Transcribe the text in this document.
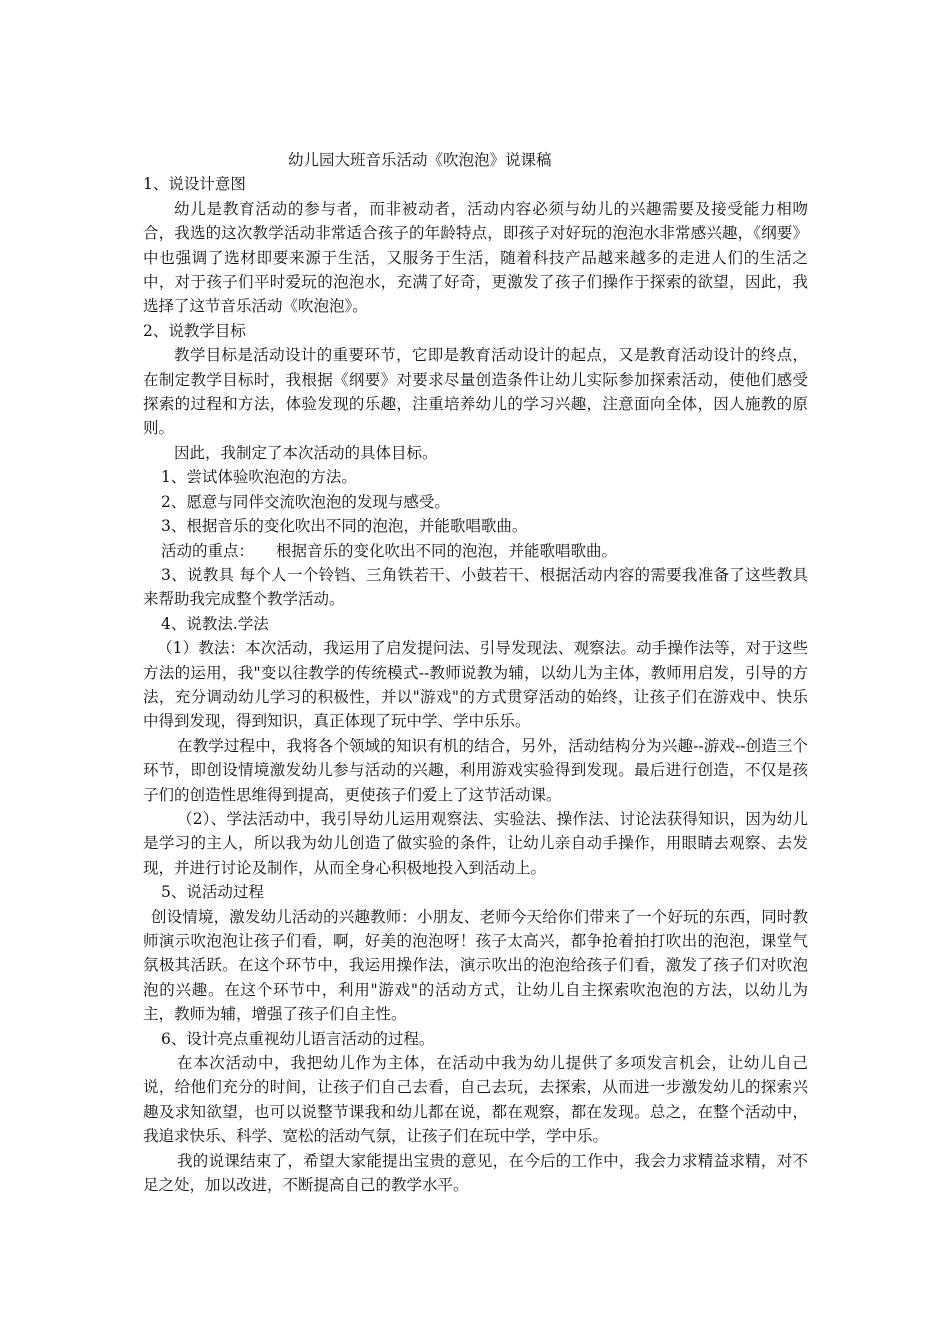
幼儿园大班音乐活动《吹泡泡》说课稿

1、说设计意图

幼儿是教育活动的参与者，而非被动者，活动内容必须与幼儿的兴趣需要及接受能力相吻合，我选的这次教学活动非常适合孩子的年龄特点，即孩子对好玩的泡泡水非常感兴趣，《纲要》中也强调了选材即要来源于生活，又服务于生活，随着科技产品越来越多的走进人们的生活之中，对于孩子们平时爱玩的泡泡水，充满了好奇，更激发了孩子们操作于探索的欲望，因此，我选择了这节音乐活动《吹泡泡》。

2、说教学目标

教学目标是活动设计的重要环节，它即是教育活动设计的起点，又是教育活动设计的终点，在制定教学目标时，我根据《纲要》对要求尽量创造条件让幼儿实际参加探索活动，使他们感受探索的过程和方法，体验发现的乐趣，注重培养幼儿的学习兴趣，注意面向全体，因人施教的原则。

因此，我制定了本次活动的具体目标。

1、尝试体验吹泡泡的方法。

2、愿意与同伴交流吹泡泡的发现与感受。

3、根据音乐的变化吹出不同的泡泡，并能歌唱歌曲。

活动的重点： 根据音乐的变化吹出不同的泡泡，并能歌唱歌曲。

3、说教具 每个人一个铃铛、三角铁若干、小鼓若干、根据活动内容的需要我准备了这些教具来帮助我完成整个教学活动。

4、说教法.学法

（1）教法：本次活动，我运用了启发提问法、引导发现法、观察法。动手操作法等，对于这些方法的运用，我"变以往教学的传统模式--教师说教为辅，以幼儿为主体，教师用启发，引导的方法，充分调动幼儿学习的积极性，并以"游戏"的方式贯穿活动的始终，让孩子们在游戏中、快乐中得到发现，得到知识，真正体现了玩中学、学中乐乐。

在教学过程中，我将各个领域的知识有机的结合，另外，活动结构分为兴趣--游戏--创造三个环节，即创设情境激发幼儿参与活动的兴趣，利用游戏实验得到发现。最后进行创造，不仅是孩子们的创造性思维得到提高，更使孩子们爱上了这节活动课。

（2）、学法活动中，我引导幼儿运用观察法、实验法、操作法、讨论法获得知识，因为幼儿是学习的主人，所以我为幼儿创造了做实验的条件，让幼儿亲自动手操作，用眼睛去观察、去发现，并进行讨论及制作，从而全身心积极地投入到活动上。

5、说活动过程

创设情境，激发幼儿活动的兴趣教师：小朋友、老师今天给你们带来了一个好玩的东西，同时教师演示吹泡泡让孩子们看，啊，好美的泡泡呀！孩子太高兴，都争抢着拍打吹出的泡泡，课堂气氛极其活跃。在这个环节中，我运用操作法，演示吹出的泡泡给孩子们看，激发了孩子们对吹泡泡的兴趣。在这个环节中，利用"游戏"的活动方式，让幼儿自主探索吹泡泡的方法，以幼儿为主，教师为辅，增强了孩子们自主性。

6、设计亮点重视幼儿语言活动的过程。

在本次活动中，我把幼儿作为主体，在活动中我为幼儿提供了多项发言机会，让幼儿自己说，给他们充分的时间，让孩子们自己去看，自己去玩，去探索，从而进一步激发幼儿的探索兴趣及求知欲望，也可以说整节课我和幼儿都在说，都在观察，都在发现。总之，在整个活动中，我追求快乐、科学、宽松的活动气氛，让孩子们在玩中学，学中乐。

我的说课结束了，希望大家能提出宝贵的意见，在今后的工作中，我会力求精益求精，对不足之处，加以改进，不断提高自己的教学水平。
